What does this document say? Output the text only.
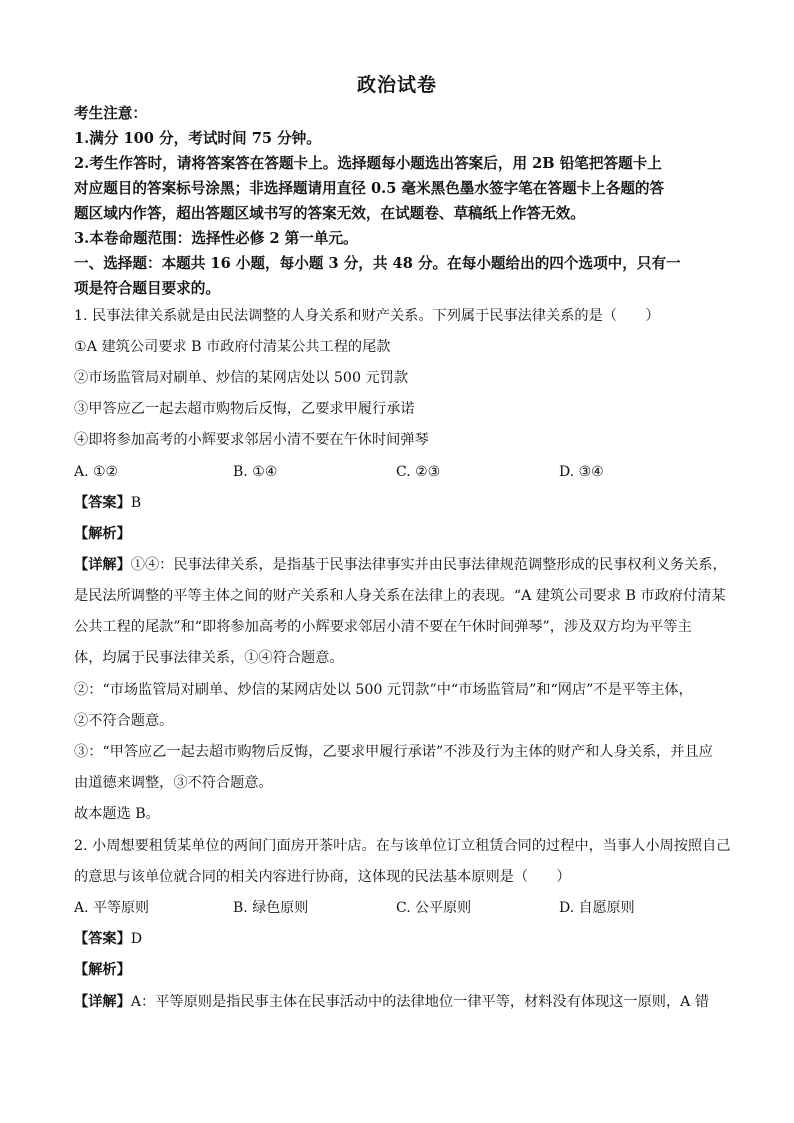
政治试卷
考生注意：
1.满分 100 分，考试时间 75 分钟。
2.考生作答时，请将答案答在答题卡上。选择题每小题选出答案后，用 2B 铅笔把答题卡上
对应题目的答案标号涂黑；非选择题请用直径 0.5 毫米黑色墨水签字笔在答题卡上各题的答
题区域内作答，超出答题区域书写的答案无效，在试题卷、草稿纸上作答无效。
3.本卷命题范围：选择性必修 2 第一单元。
一、选择题：本题共 16 小题，每小题 3 分，共 48 分。在每小题给出的四个选项中，只有一
项是符合题目要求的。
1. 民事法律关系就是由民法调整的人身关系和财产关系。下列属于民事法律关系的是（　　）
①A 建筑公司要求 B 市政府付清某公共工程的尾款
②市场监管局对刷单、炒信的某网店处以 500 元罚款
③甲答应乙一起去超市购物后反悔，乙要求甲履行承诺
④即将参加高考的小辉要求邻居小清不要在午休时间弹琴
A. ①②	B. ①④	C. ②③	D. ③④
【答案】B
【解析】
【详解】①④：民事法律关系，是指基于民事法律事实并由民事法律规范调整形成的民事权利义务关系，
是民法所调整的平等主体之间的财产关系和人身关系在法律上的表现。“A 建筑公司要求 B 市政府付清某
公共工程的尾款”和“即将参加高考的小辉要求邻居小清不要在午休时间弹琴”，涉及双方均为平等主
体，均属于民事法律关系，①④符合题意。
②：“市场监管局对刷单、炒信的某网店处以 500 元罚款”中“市场监管局”和“网店”不是平等主体，
②不符合题意。
③：“甲答应乙一起去超市购物后反悔，乙要求甲履行承诺”不涉及行为主体的财产和人身关系，并且应
由道德来调整，③不符合题意。
故本题选 B。
2. 小周想要租赁某单位的两间门面房开茶叶店。在与该单位订立租赁合同的过程中，当事人小周按照自己
的意思与该单位就合同的相关内容进行协商，这体现的民法基本原则是（　　）
A. 平等原则	B. 绿色原则	C. 公平原则	D. 自愿原则
【答案】D
【解析】
【详解】A：平等原则是指民事主体在民事活动中的法律地位一律平等，材料没有体现这一原则，A 错
